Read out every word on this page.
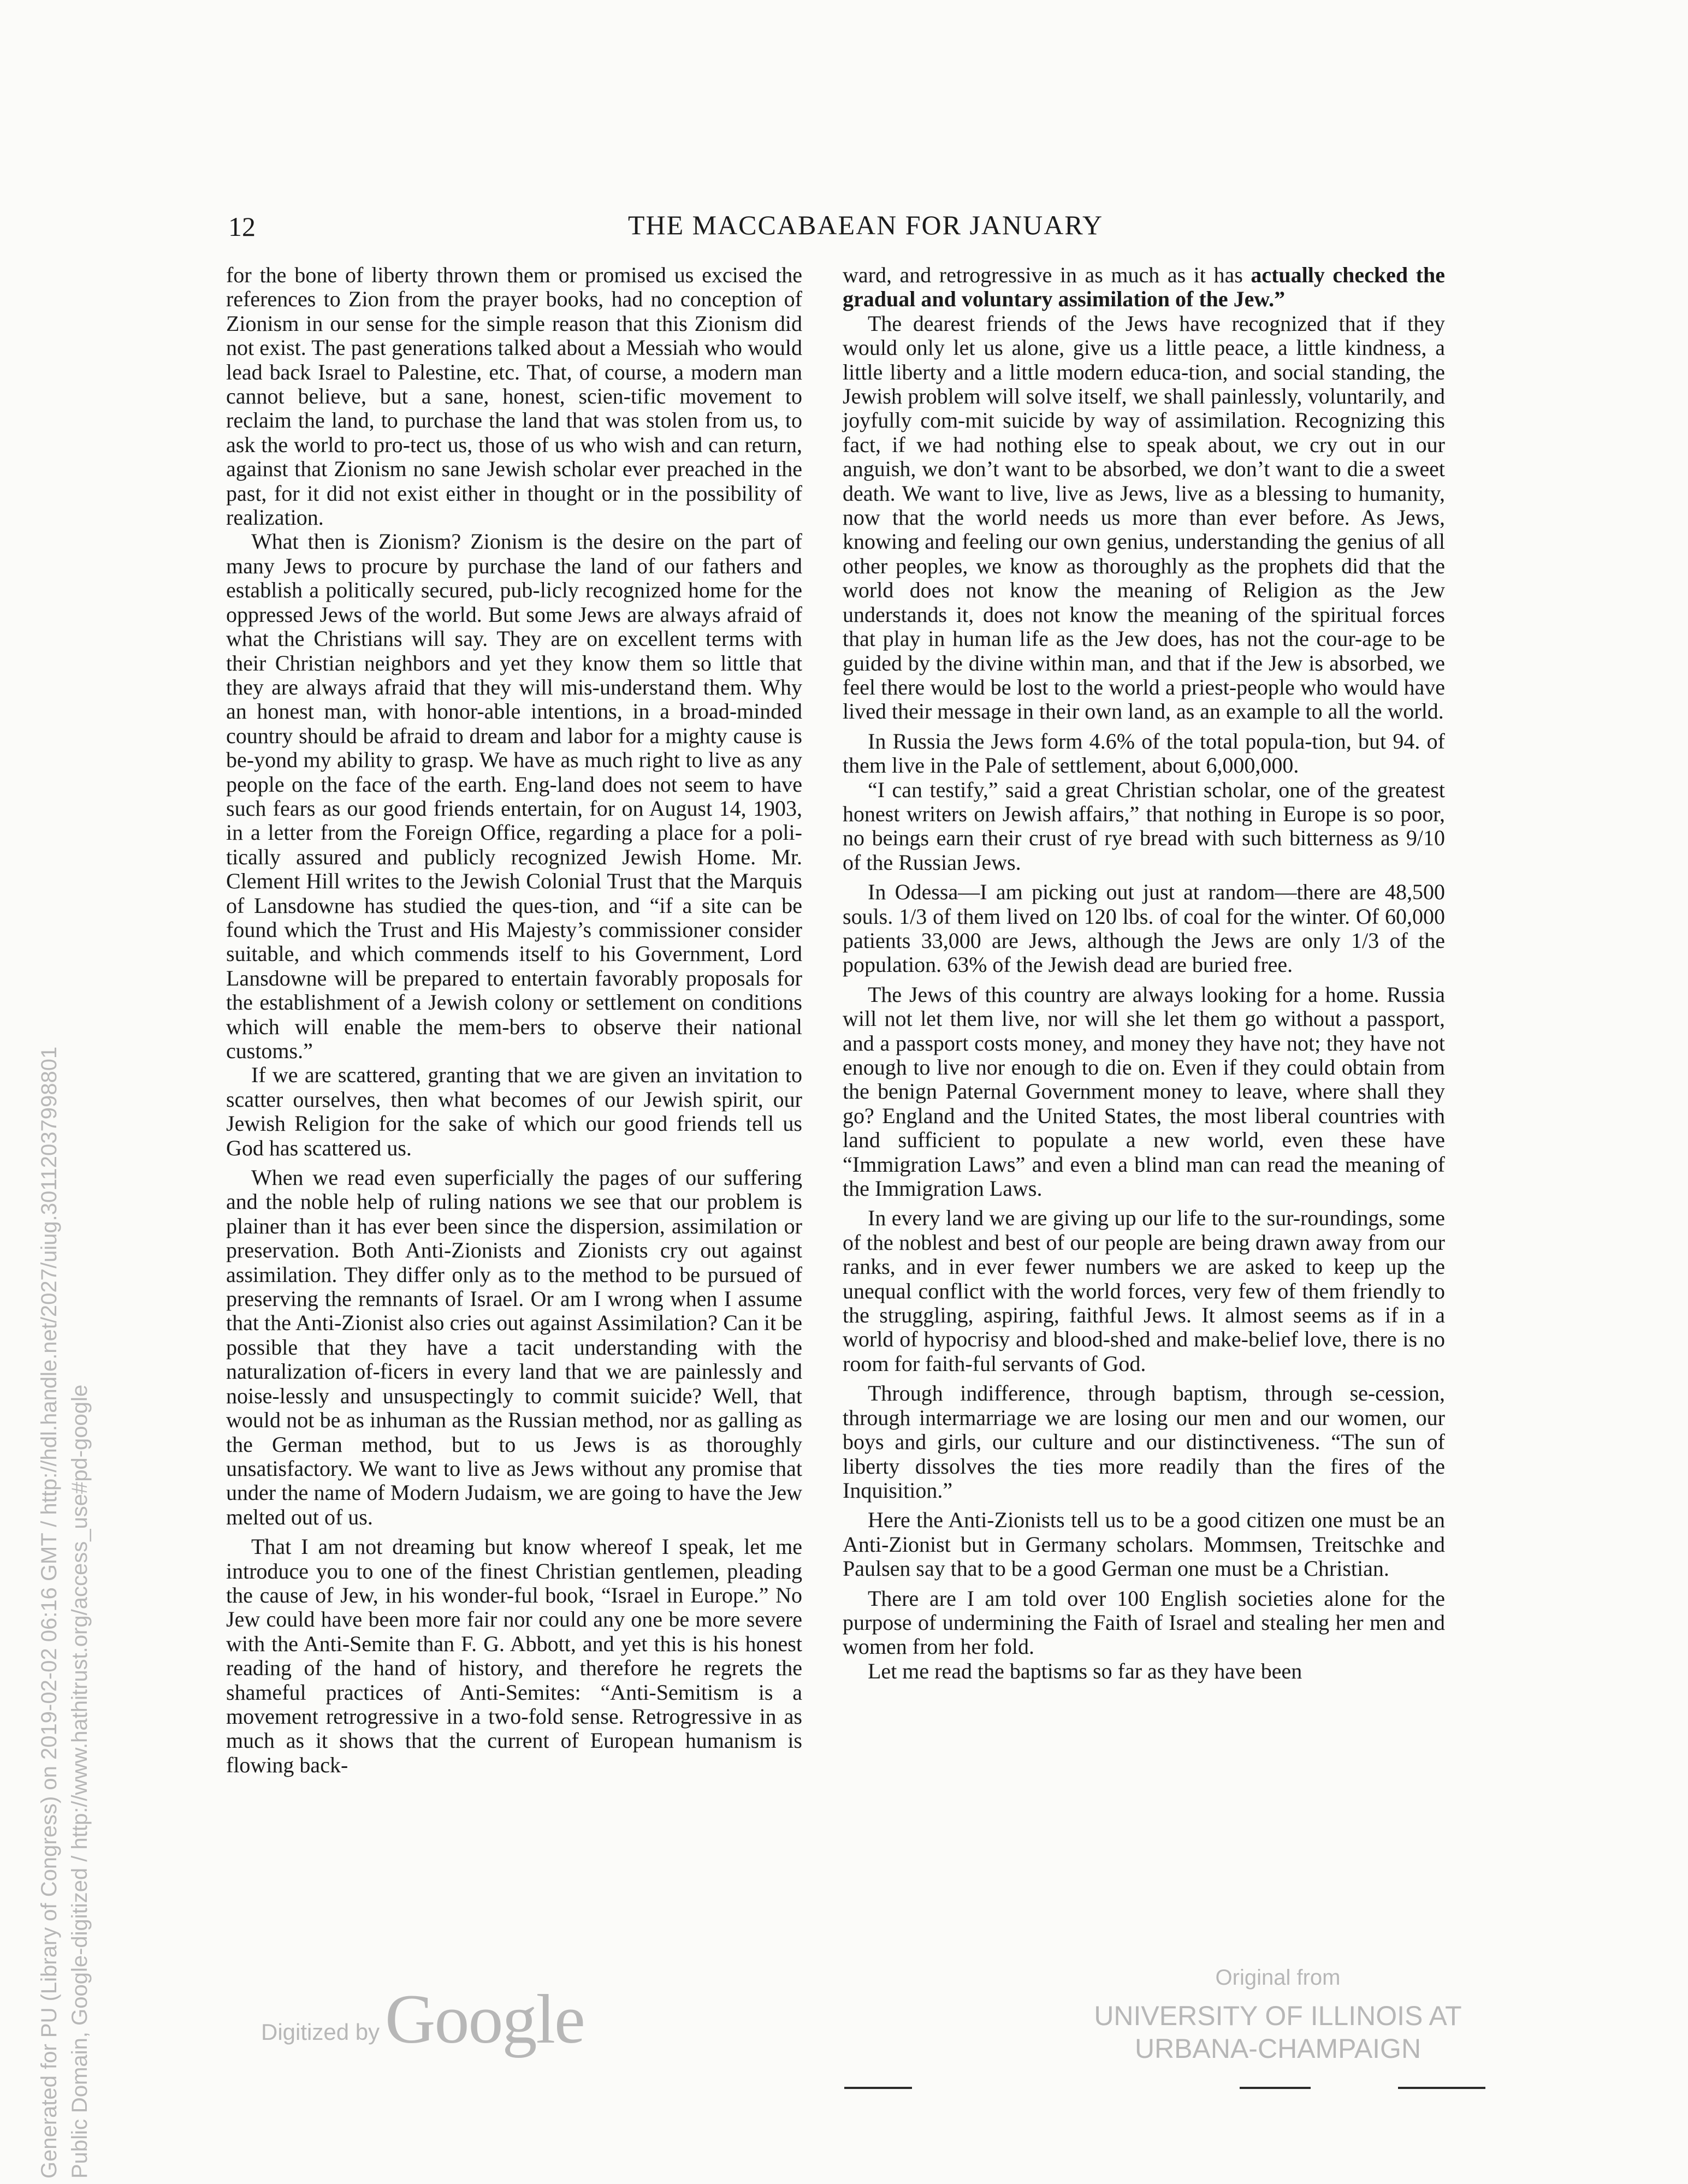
12	THE MACCABAEAN FOR JANUARY

for the bone of liberty thrown them or promised us excised the references to Zion from the prayer books, had no conception of Zionism in our sense for the simple reason that this Zionism did not exist. The past generations talked about a Messiah who would lead back Israel to Palestine, etc. That, of course, a modern man cannot believe, but a sane, honest, scien-tific movement to reclaim the land, to purchase the land that was stolen from us, to ask the world to pro-tect us, those of us who wish and can return, against that Zionism no sane Jewish scholar ever preached in the past, for it did not exist either in thought or in the possibility of realization.

What then is Zionism? Zionism is the desire on the part of many Jews to procure by purchase the land of our fathers and establish a politically secured, pub-licly recognized home for the oppressed Jews of the world. But some Jews are always afraid of what the Christians will say. They are on excellent terms with their Christian neighbors and yet they know them so little that they are always afraid that they will mis-understand them. Why an honest man, with honor-able intentions, in a broad-minded country should be afraid to dream and labor for a mighty cause is be-yond my ability to grasp. We have as much right to live as any people on the face of the earth. Eng-land does not seem to have such fears as our good friends entertain, for on August 14, 1903, in a letter from the Foreign Office, regarding a place for a poli-tically assured and publicly recognized Jewish Home. Mr. Clement Hill writes to the Jewish Colonial Trust that the Marquis of Lansdowne has studied the ques-tion, and “if a site can be found which the Trust and His Majesty’s commissioner consider suitable, and which commends itself to his Government, Lord Lansdowne will be prepared to entertain favorably proposals for the establishment of a Jewish colony or settlement on conditions which will enable the mem-bers to observe their national customs.”

If we are scattered, granting that we are given an invitation to scatter ourselves, then what becomes of our Jewish spirit, our Jewish Religion for the sake of which our good friends tell us God has scattered us.

When we read even superficially the pages of our suffering and the noble help of ruling nations we see that our problem is plainer than it has ever been since the dispersion, assimilation or preservation. Both Anti-Zionists and Zionists cry out against assimilation. They differ only as to the method to be pursued of preserving the remnants of Israel. Or am I wrong when I assume that the Anti-Zionist also cries out against Assimilation? Can it be possible that they have a tacit understanding with the naturalization of-ficers in every land that we are painlessly and noise-lessly and unsuspectingly to commit suicide? Well, that would not be as inhuman as the Russian method, nor as galling as the German method, but to us Jews is as thoroughly unsatisfactory. We want to live as Jews without any promise that under the name of Modern Judaism, we are going to have the Jew melted out of us.

That I am not dreaming but know whereof I speak, let me introduce you to one of the finest Christian gentlemen, pleading the cause of Jew, in his wonder-ful book, “Israel in Europe.” No Jew could have been more fair nor could any one be more severe with the Anti-Semite than F. G. Abbott, and yet this is his honest reading of the hand of history, and therefore he regrets the shameful practices of Anti-Semites: “Anti-Semitism is a movement retrogressive in a two-fold sense. Retrogressive in as much as it shows that the current of European humanism is flowing back-

ward, and retrogressive in as much as it has actually checked the gradual and voluntary assimilation of the Jew.”

The dearest friends of the Jews have recognized that if they would only let us alone, give us a little peace, a little kindness, a little liberty and a little modern educa-tion, and social standing, the Jewish problem will solve itself, we shall painlessly, voluntarily, and joyfully com-mit suicide by way of assimilation. Recognizing this fact, if we had nothing else to speak about, we cry out in our anguish, we don’t want to be absorbed, we don’t want to die a sweet death. We want to live, live as Jews, live as a blessing to humanity, now that the world needs us more than ever before. As Jews, knowing and feeling our own genius, understanding the genius of all other peoples, we know as thoroughly as the prophets did that the world does not know the meaning of Religion as the Jew understands it, does not know the meaning of the spiritual forces that play in human life as the Jew does, has not the cour-age to be guided by the divine within man, and that if the Jew is absorbed, we feel there would be lost to the world a priest-people who would have lived their message in their own land, as an example to all the world.

In Russia the Jews form 4.6% of the total popula-tion, but 94. of them live in the Pale of settlement, about 6,000,000.

“I can testify,” said a great Christian scholar, one of the greatest honest writers on Jewish affairs,” that nothing in Europe is so poor, no beings earn their crust of rye bread with such bitterness as 9/10 of the Russian Jews.

In Odessa—I am picking out just at random—there are 48,500 souls. 1/3 of them lived on 120 lbs. of coal for the winter. Of 60,000 patients 33,000 are Jews, although the Jews are only 1/3 of the population. 63% of the Jewish dead are buried free.

The Jews of this country are always looking for a home. Russia will not let them live, nor will she let them go without a passport, and a passport costs money, and money they have not; they have not enough to live nor enough to die on. Even if they could obtain from the benign Paternal Government money to leave, where shall they go? England and the United States, the most liberal countries with land sufficient to populate a new world, even these have “Immigration Laws” and even a blind man can read the meaning of the Immigration Laws.

In every land we are giving up our life to the sur-roundings, some of the noblest and best of our people are being drawn away from our ranks, and in ever fewer numbers we are asked to keep up the unequal conflict with the world forces, very few of them friendly to the struggling, aspiring, faithful Jews. It almost seems as if in a world of hypocrisy and blood-shed and make-belief love, there is no room for faith-ful servants of God.

Through indifference, through baptism, through se-cession, through intermarriage we are losing our men and our women, our boys and girls, our culture and our distinctiveness. “The sun of liberty dissolves the ties more readily than the fires of the Inquisition.”

Here the Anti-Zionists tell us to be a good citizen one must be an Anti-Zionist but in Germany scholars. Mommsen, Treitschke and Paulsen say that to be a good German one must be a Christian.

There are I am told over 100 English societies alone for the purpose of undermining the Faith of Israel and stealing her men and women from her fold.

Let me read the baptisms so far as they have been

Generated for PU (Library of Congress) on 2019-02-02 06:16 GMT / http://hdl.handle.net/2027/uiug.30112037998801 Public Domain, Google-digitized / http://www.hathitrust.org/access_use#pd-google	Digitized by Google
Original from
UNIVERSITY OF ILLINOIS AT
URBANA-CHAMPAIGN
